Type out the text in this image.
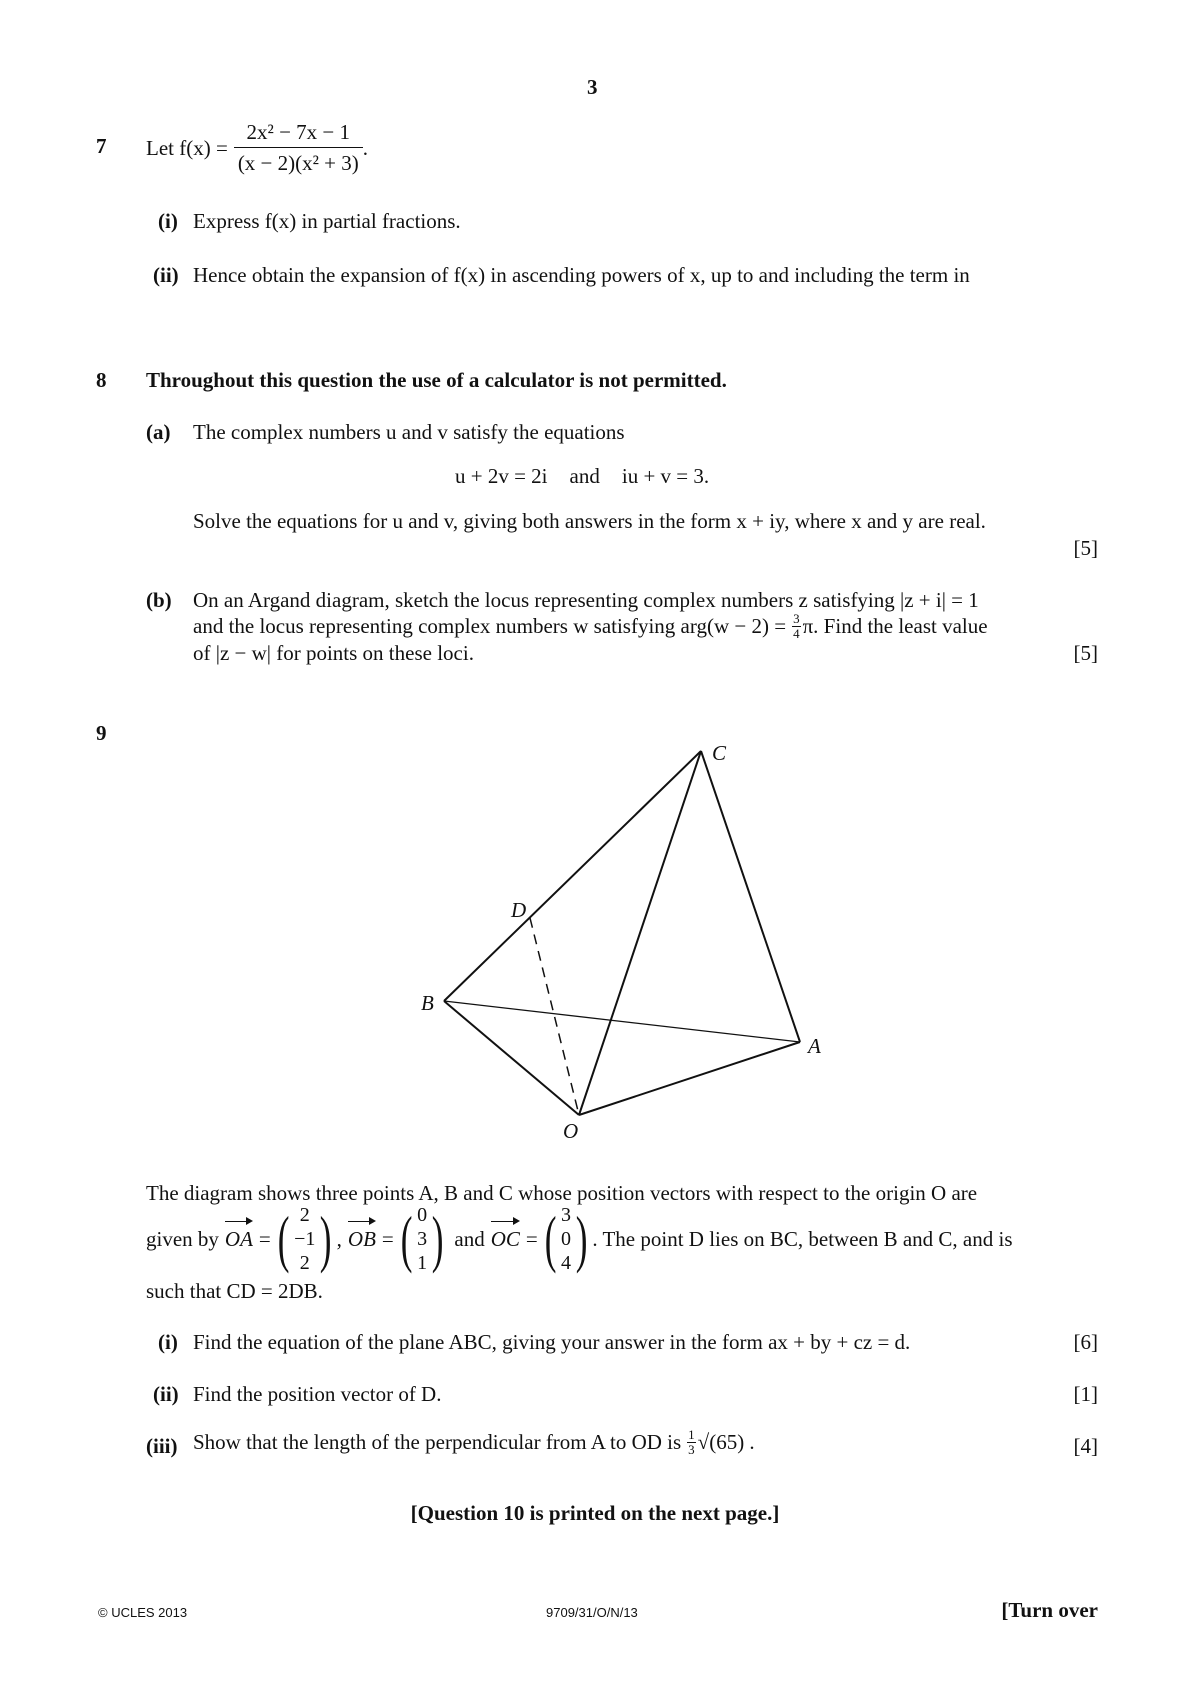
3
7 Let $f(x) = \frac{\text{2x² − 7x − 1}}{\text{(x − 2)(x² + 3)}}$ .
(i) Express f(x) in partial fractions.
(ii) Hence obtain the expansion of f(x) in ascending powers of x, up to and including the term in
8 Throughout this question the use of a calculator is not permitted.
(a) The complex numbers u and v satisfy the equations
u + 2v = 2i and iu + v = 3.
Solve the equations for u and v, giving both answers in the form x + iy, where x and y are real.
[5]
(b) On an Argand diagram, sketch the locus representing complex numbers z satisfying |z + i| = 1
and the locus representing complex numbers w satisfying $arg(w - 2) = \frac{3}{4} \pi$. Find the least value
of |z − w| for points on these loci.	[5]
9
C
D
B
A
O
The diagram shows three points A, B and C whose position vectors with respect to the origin O are
given by OA = ( 2
−1
2 ) , OB = ( 0
3
1 ) and OC = ( 3
0
4 ) . The point D lies on BC, between B and C, and is
such that CD = 2DB.
(i) Find the equation of the plane ABC, giving your answer in the form ax + by + cz = d.	[6]
(ii) Find the position vector of D.	[1]
(iii) Show that the length of the perpendicular from A to OD is $\frac{1}{3} √(65)$ .	[4]
[Question 10 is printed on the next page.]
© UCLES 2013	9709/31/O/N/13	[Turn over
